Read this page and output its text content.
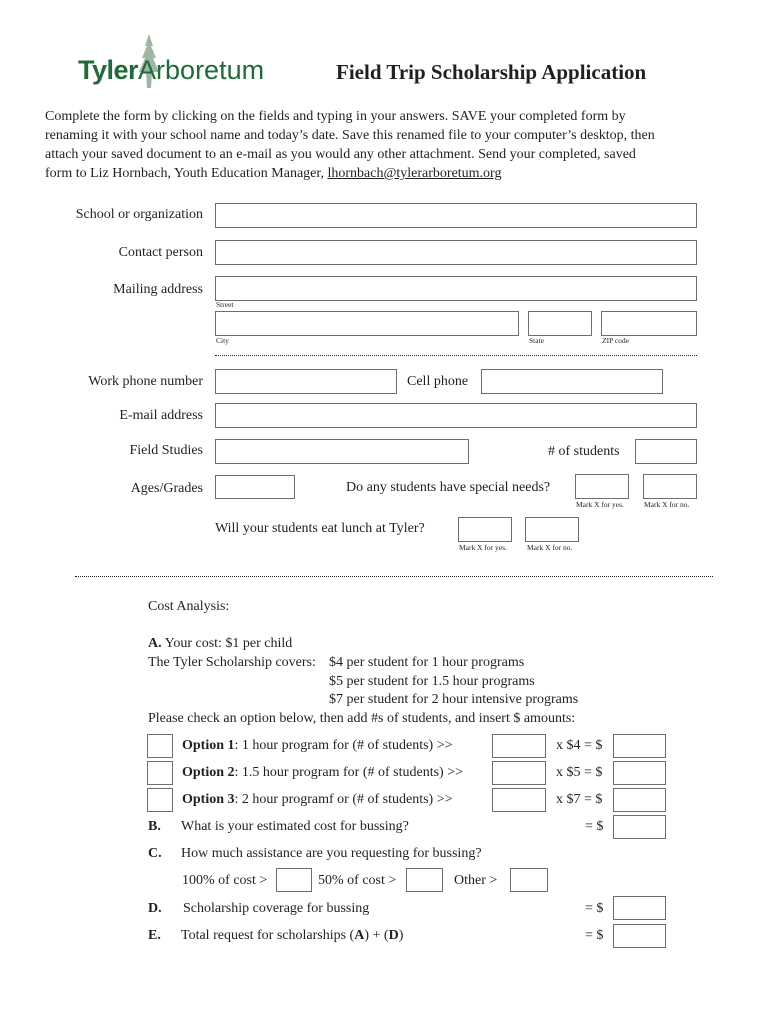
TylerArboretum	Field Trip Scholarship Application
Complete the form by clicking on the fields and typing in your answers. SAVE your completed form by
renaming it with your school name and today’s date. Save this renamed file to your computer’s desktop, then
attach your saved document to an e-mail as you would any other attachment. Send your completed, saved
form to Liz Hornbach, Youth Education Manager, lhornbach@tylerarboretum.org
School or organization
Contact person
Mailing address
Street
City	State	ZIP code
Work phone number	Cell phone
E-mail address
Field Studies	# of students
Ages/Grades	Do any students have special needs?
Mark X for yes.	Mark X for no.
Will your students eat lunch at Tyler?
Mark X for yes.	Mark X for no.
Cost Analysis:
A. Your cost: $1 per child
The Tyler Scholarship covers: $4 per student for 1 hour programs
$5 per student for 1.5 hour programs
$7 per student for 2 hour intensive programs
Please check an option below, then add #s of students, and insert $ amounts:
Option 1: 1 hour program for (# of students) >>	x $4 = $
Option 2: 1.5 hour program for (# of students) >>	x $5 = $
Option 3: 2 hour programf or (# of students) >>	x $7 = $
B. What is your estimated cost for bussing?	= $
C. How much assistance are you requesting for bussing?
100% of cost >	50% of cost >	Other >
D. Scholarship coverage for bussing	= $
E. Total request for scholarships (A) + (D)	= $
